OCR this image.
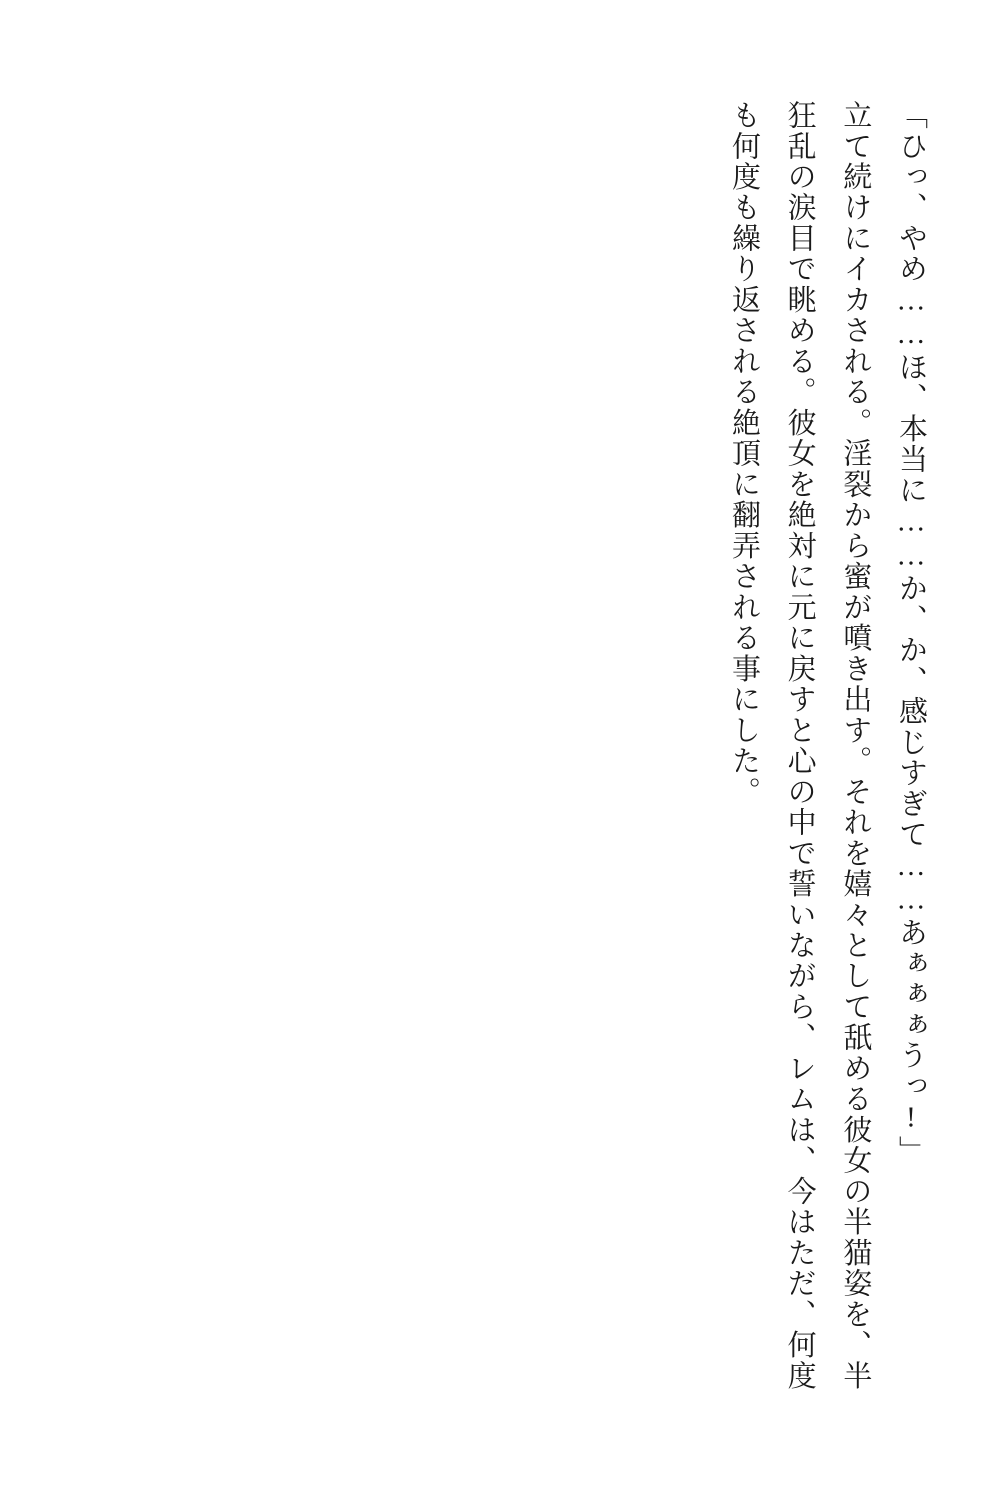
「ひっ、やめ……ほ、本当に……か、か、感じすぎて……あぁぁぁうっ!」

立て続けにイカされる。淫裂から蜜が噴き出す。それを嬉々として舐める彼女の半猫姿を、半狂乱の涙目で眺める。彼女を絶対に元に戻すと心の中で誓いながら、レムは、今はただ、何度も何度も繰り返される絶頂に翻弄される事にした。
